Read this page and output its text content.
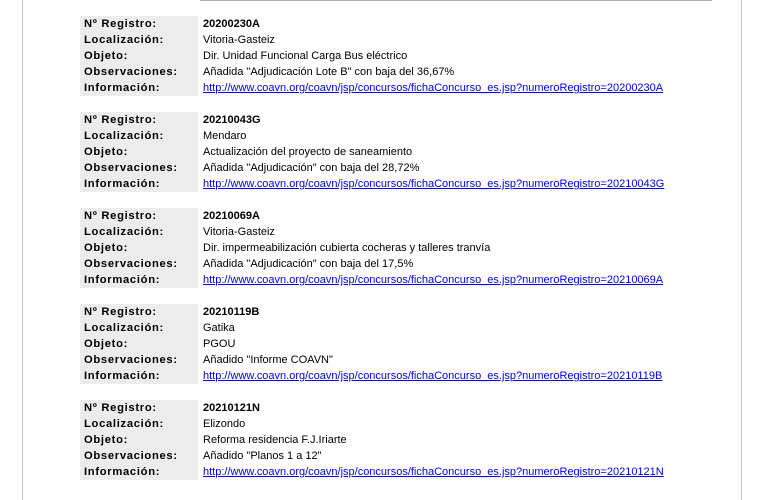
Nº Registro:	20200230A
Localización:	Vitoria-Gasteiz
Objeto:	Dir. Unidad Funcional Carga Bus eléctrico
Observaciones:	Añadida "Adjudicación Lote B" con baja del 36,67%
Información:	http://www.coavn.org/coavn/jsp/concursos/fichaConcurso_es.jsp?numeroRegistro=20200230A
Nº Registro:	20210043G
Localización:	Mendaro
Objeto:	Actualización del proyecto de saneamiento
Observaciones:	Añadida "Adjudicación" con baja del 28,72%
Información:	http://www.coavn.org/coavn/jsp/concursos/fichaConcurso_es.jsp?numeroRegistro=20210043G
Nº Registro:	20210069A
Localización:	Vitoria-Gasteiz
Objeto:	Dir. impermeabilización cubierta cocheras y talleres tranvía
Observaciones:	Añadida "Adjudicación" con baja del 17,5%
Información:	http://www.coavn.org/coavn/jsp/concursos/fichaConcurso_es.jsp?numeroRegistro=20210069A
Nº Registro:	20210119B
Localización:	Gatika
Objeto:	PGOU
Observaciones:	Añadido "Informe COAVN"
Información:	http://www.coavn.org/coavn/jsp/concursos/fichaConcurso_es.jsp?numeroRegistro=20210119B
Nº Registro:	20210121N
Localización:	Elizondo
Objeto:	Reforma residencia F.J.Iriarte
Observaciones:	Añadido "Planos 1 a 12"
Información:	http://www.coavn.org/coavn/jsp/concursos/fichaConcurso_es.jsp?numeroRegistro=20210121N
